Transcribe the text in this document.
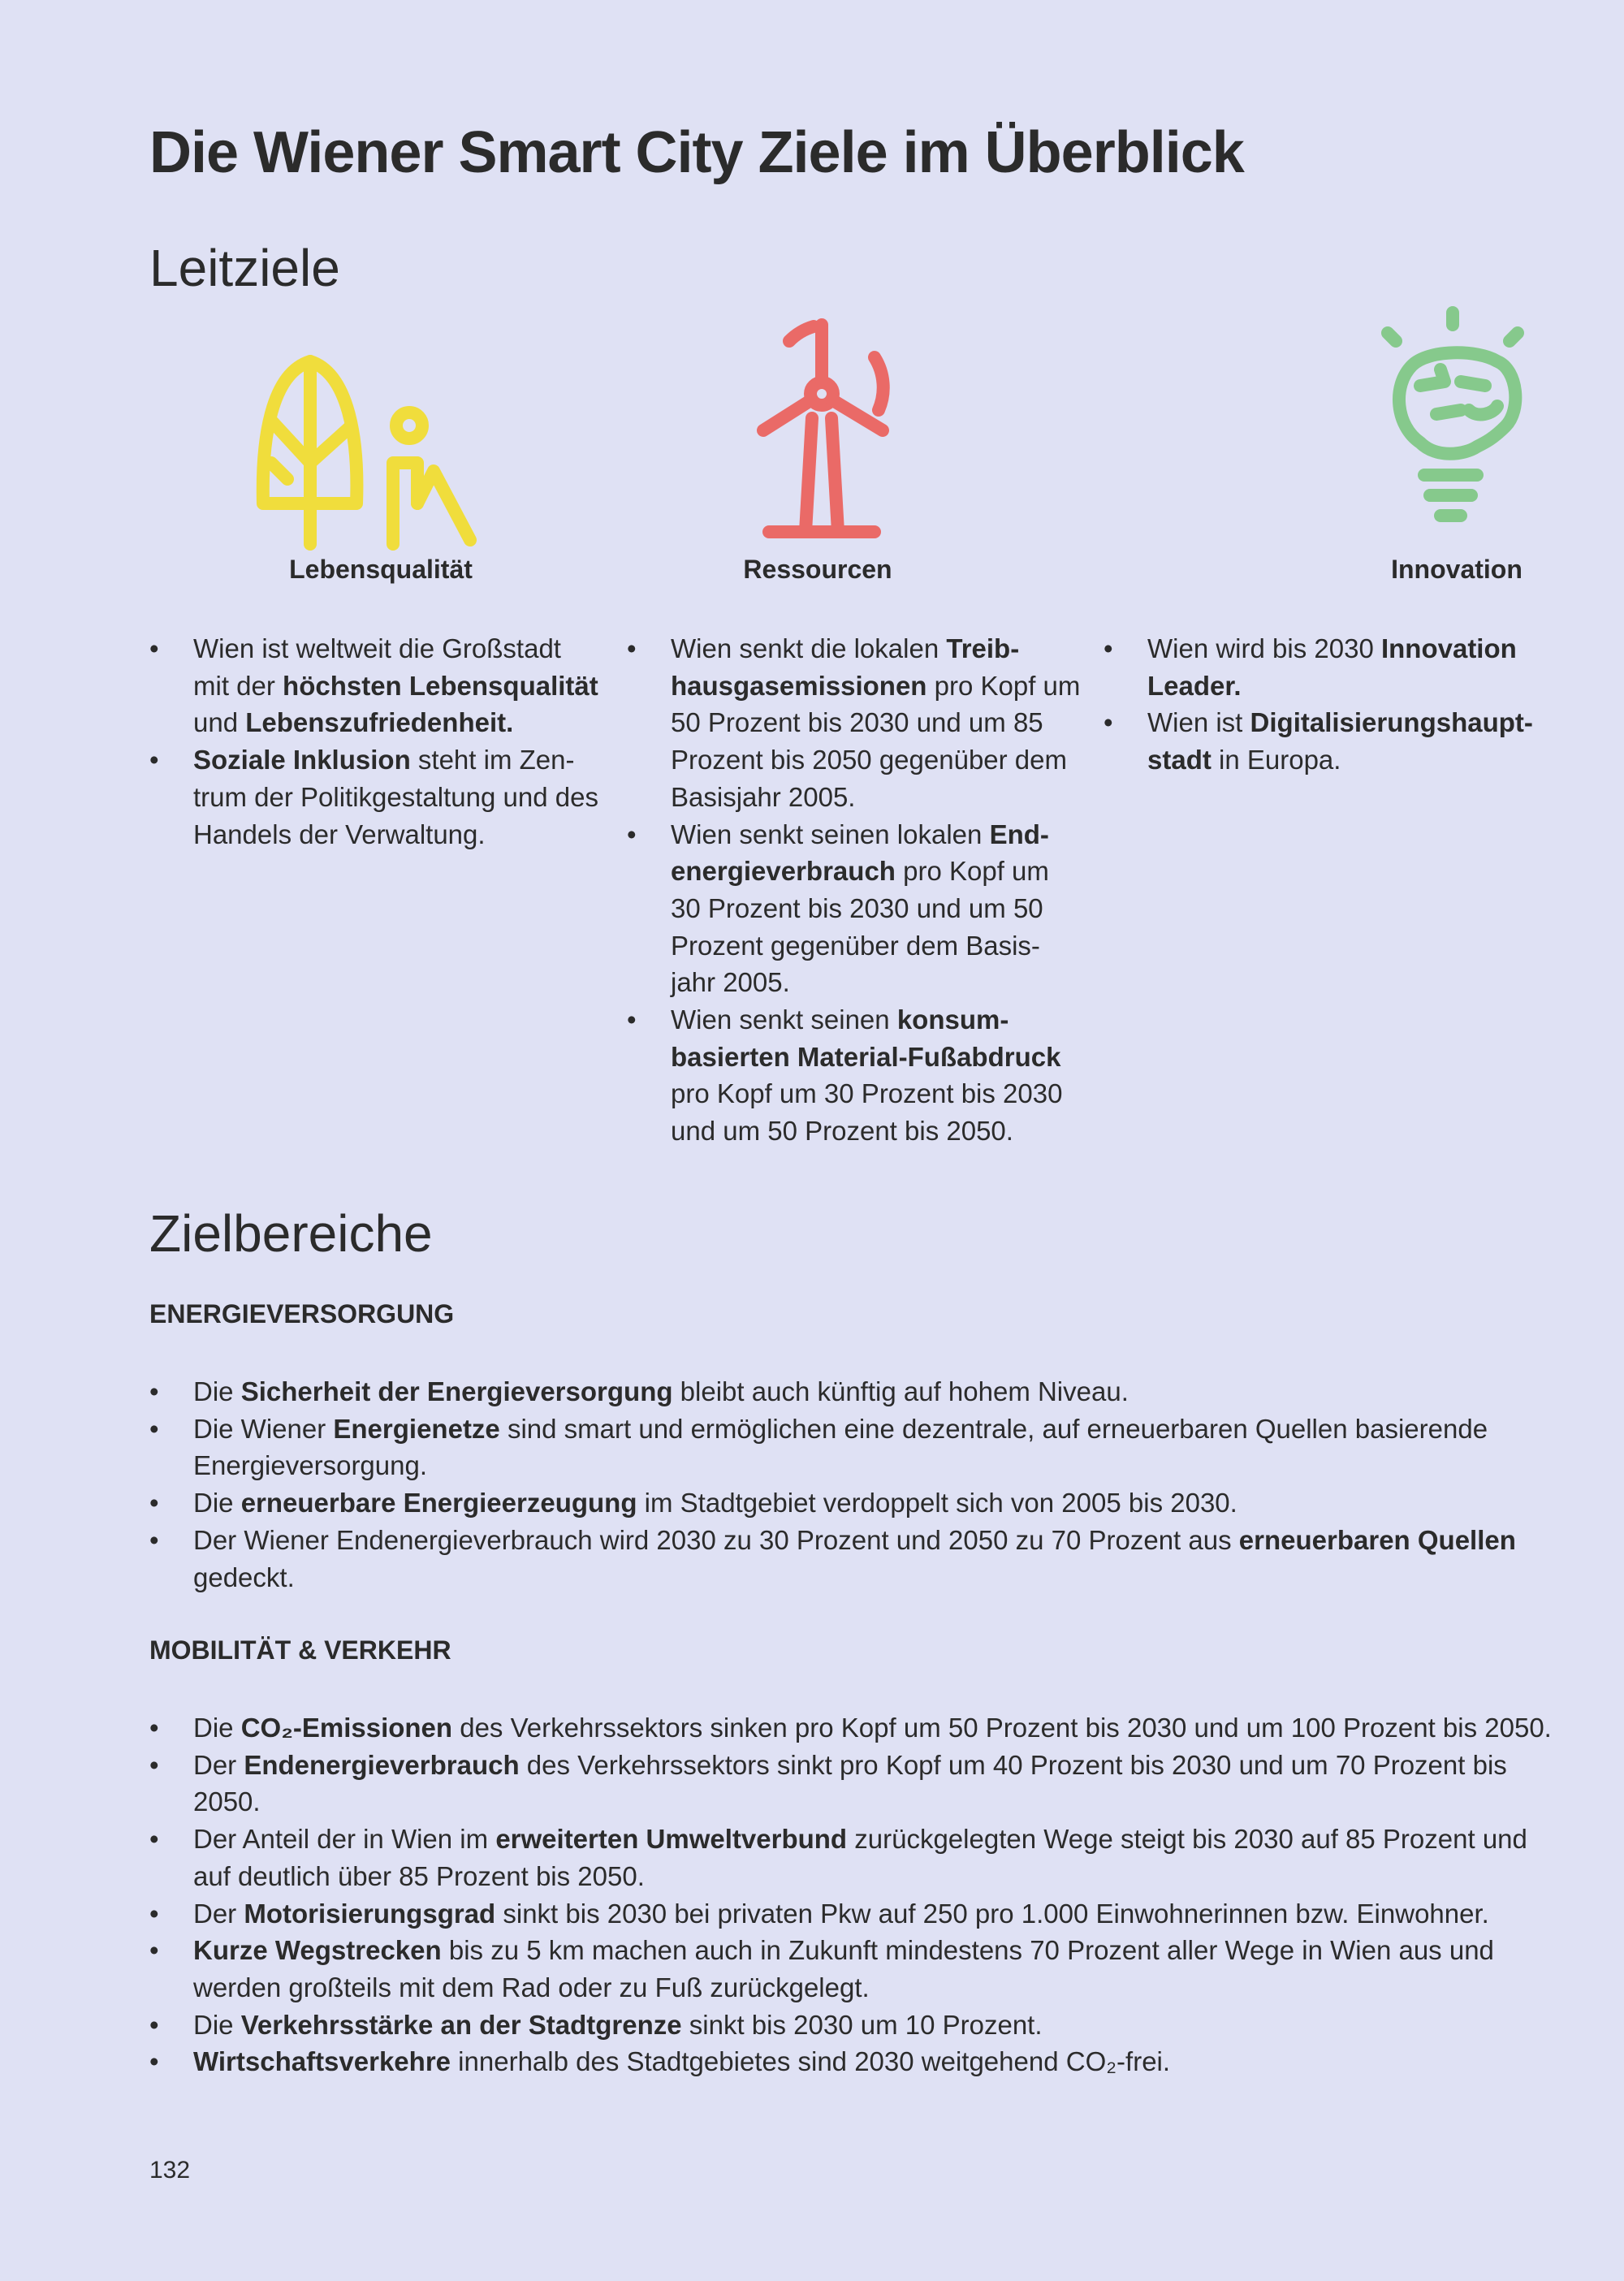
Die Wiener Smart City Ziele im Überblick
Leitziele
Lebensqualität
• Wien ist weltweit die Großstadt mit der höchsten Lebensqualität und Lebenszufriedenheit.
• Soziale Inklusion steht im Zen-trum der Politikgestaltung und des Handels der Verwaltung.
Ressourcen
• Wien senkt die lokalen Treib-hausgasemissionen pro Kopf um 50 Prozent bis 2030 und um 85 Prozent bis 2050 gegenüber dem Basisjahr 2005.
• Wien senkt seinen lokalen End-energieverbrauch pro Kopf um 30 Prozent bis 2030 und um 50 Prozent gegenüber dem Basis-jahr 2005.
• Wien senkt seinen konsum-basierten Material-Fußabdruck pro Kopf um 30 Prozent bis 2030 und um 50 Prozent bis 2050.
Innovation
• Wien wird bis 2030 Innovation Leader.
• Wien ist Digitalisierungshaupt-stadt in Europa.
Zielbereiche
ENERGIEVERSORGUNG
• Die Sicherheit der Energieversorgung bleibt auch künftig auf hohem Niveau.
• Die Wiener Energienetze sind smart und ermöglichen eine dezentrale, auf erneuerbaren Quellen basierende Energieversorgung.
• Die erneuerbare Energieerzeugung im Stadtgebiet verdoppelt sich von 2005 bis 2030.
• Der Wiener Endenergieverbrauch wird 2030 zu 30 Prozent und 2050 zu 70 Prozent aus erneuerbaren Quellen gedeckt.
MOBILITÄT & VERKEHR
• Die CO₂-Emissionen des Verkehrssektors sinken pro Kopf um 50 Prozent bis 2030 und um 100 Prozent bis 2050.
• Der Endenergieverbrauch des Verkehrssektors sinkt pro Kopf um 40 Prozent bis 2030 und um 70 Prozent bis 2050.
• Der Anteil der in Wien im erweiterten Umweltverbund zurückgelegten Wege steigt bis 2030 auf 85 Prozent und auf deutlich über 85 Prozent bis 2050.
• Der Motorisierungsgrad sinkt bis 2030 bei privaten Pkw auf 250 pro 1.000 Einwohnerinnen bzw. Einwohner.
• Kurze Wegstrecken bis zu 5 km machen auch in Zukunft mindestens 70 Prozent aller Wege in Wien aus und werden großteils mit dem Rad oder zu Fuß zurückgelegt.
• Die Verkehrsstärke an der Stadtgrenze sinkt bis 2030 um 10 Prozent.
• Wirtschaftsverkehre innerhalb des Stadtgebietes sind 2030 weitgehend CO₂-frei.
132
